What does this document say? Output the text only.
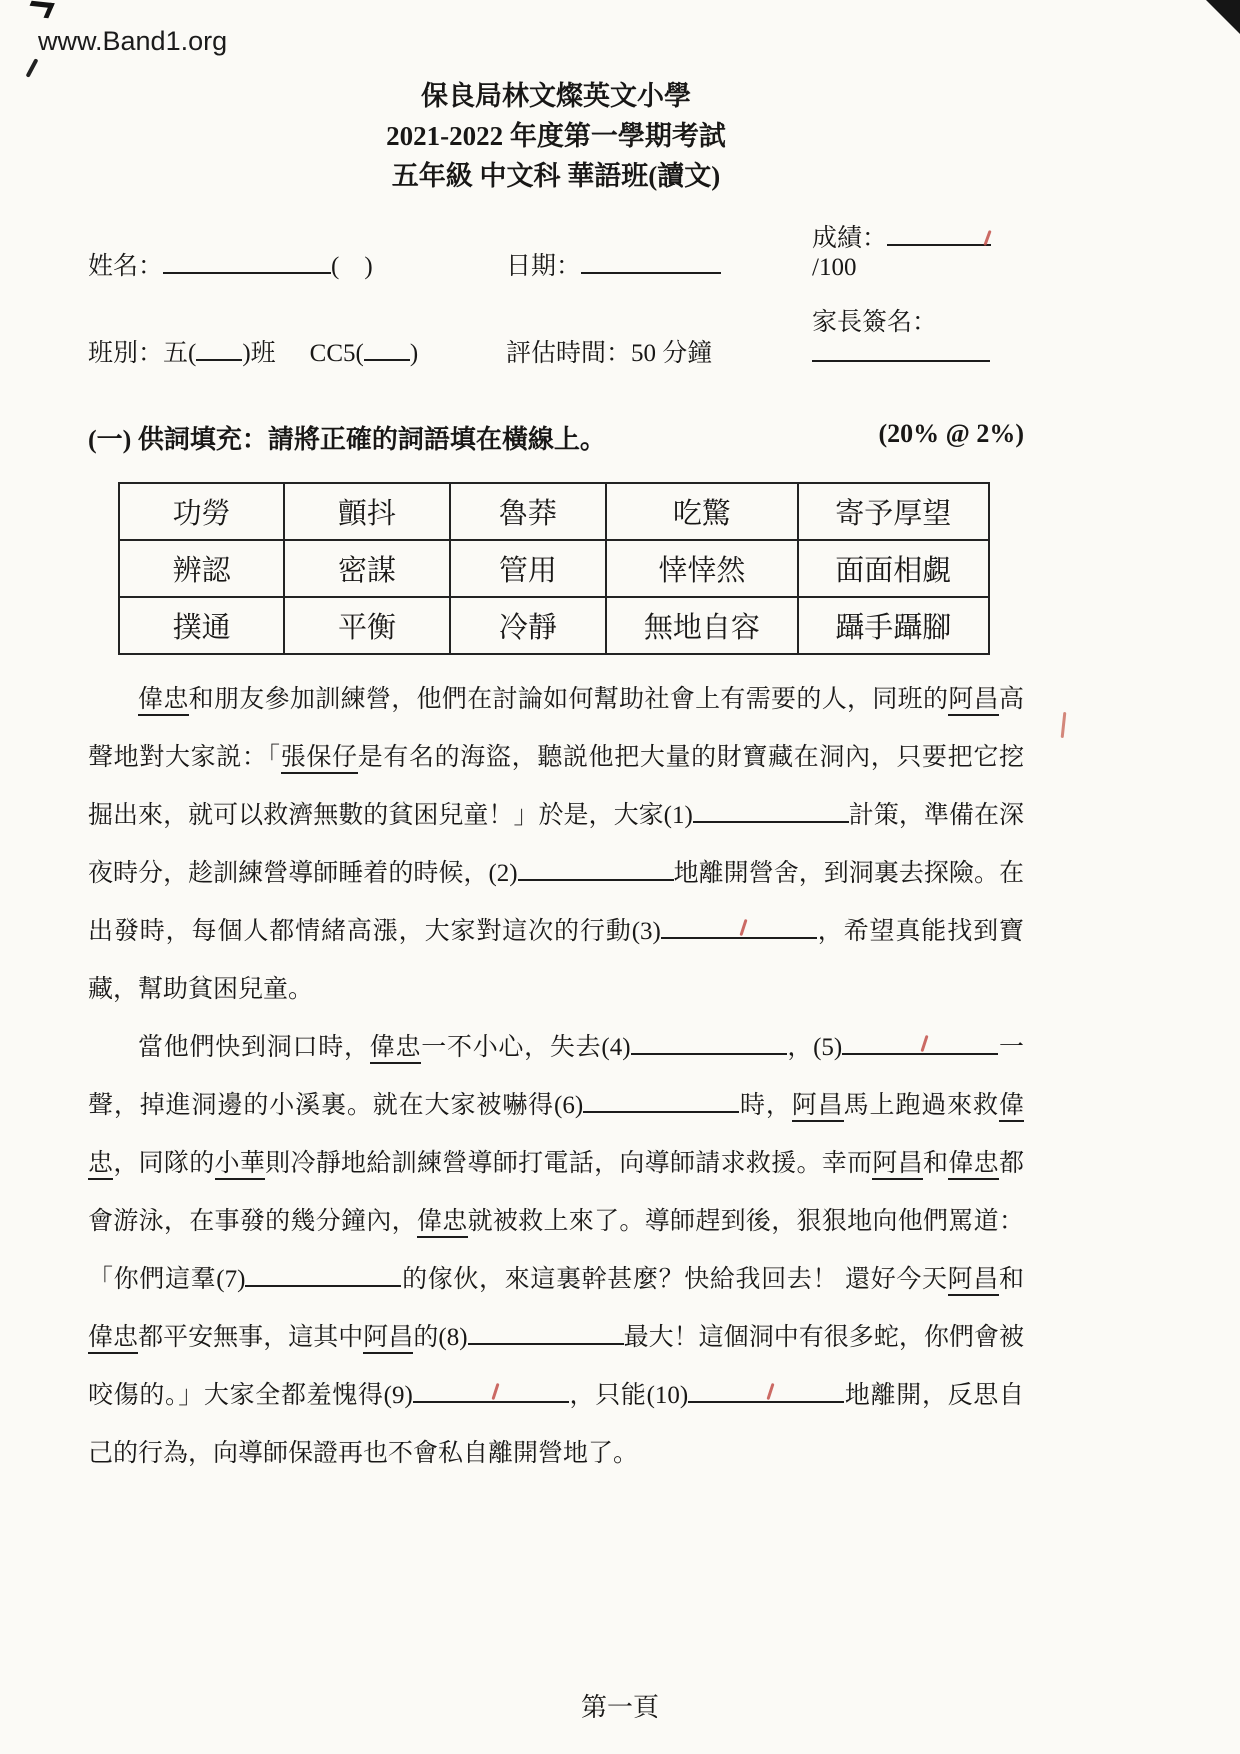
www.Band1.org
保良局林文燦英文小學
2021-2022 年度第一學期考試
五年級 中文科 華語班(讀文)
姓名：	(　)	日期：
成績：/100
班別：五( )班 CC5( )	評估時間：50 分鐘
家長簽名：
(一) 供詞填充：請將正確的詞語填在橫線上。	(20% @ 2%)
功勞	顫抖	魯莽	吃驚	寄予厚望
辨認	密謀	管用	悻悻然	面面相覷
撲通	平衡	冷靜	無地自容	躡手躡腳

偉忠和朋友參加訓練營，他們在討論如何幫助社會上有需要的人，同班的阿昌高聲地對大家説：「張保仔是有名的海盜，聽説他把大量的財寶藏在洞內，只要把它挖掘出來，就可以救濟無數的貧困兒童！」於是，大家(1)	計策，準備在深夜時分，趁訓練營導師睡着的時候，(2)	地離開營舍，到洞裏去探險。在出發時，每個人都情緒高漲，大家對這次的行動(3)	，希望真能找到寶藏，幫助貧困兒童。

當他們快到洞口時，偉忠一不小心，失去(4)	，(5)	一聲，掉進洞邊的小溪裏。就在大家被嚇得(6)	時，阿昌馬上跑過來救偉忠，同隊的小華則冷靜地給訓練營導師打電話，向導師請求救援。幸而阿昌和偉忠都會游泳，在事發的幾分鐘內，偉忠就被救上來了。導師趕到後，狠狠地向他們罵道：「你們這羣(7)	的傢伙，來這裏幹甚麼？快給我回去！ 還好今天阿昌和偉忠都平安無事，這其中阿昌的(8)	最大！這個洞中有很多蛇，你們會被咬傷的。」大家全都羞愧得(9)	，只能(10)	地離開，反思自己的行為，向導師保證再也不會私自離開營地了。

第一頁
